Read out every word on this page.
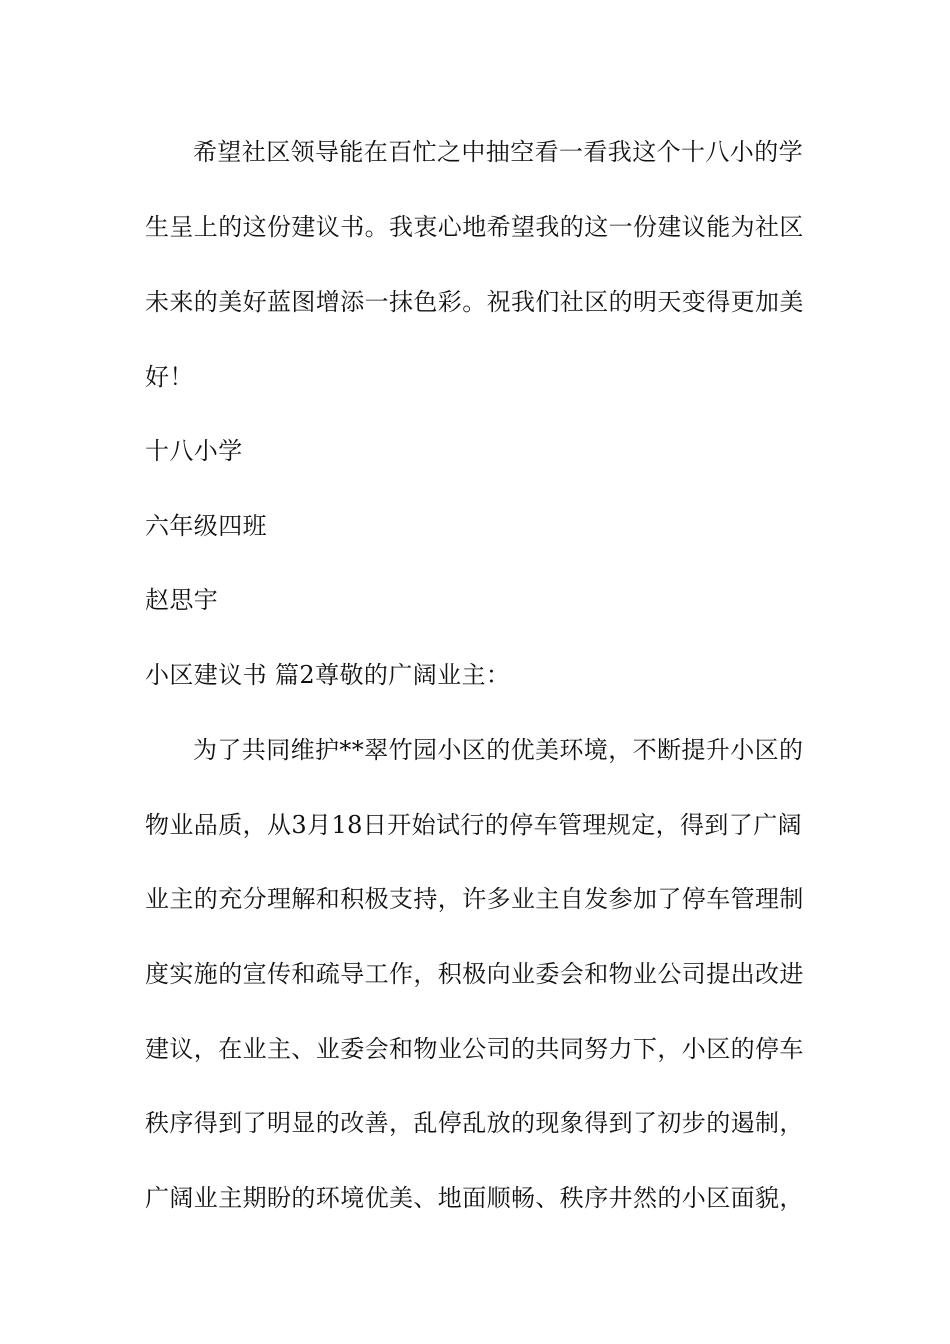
希望社区领导能在百忙之中抽空看一看我这个十八小的学
生呈上的这份建议书。我衷心地希望我的这一份建议能为社区
未来的美好蓝图增添一抹色彩。祝我们社区的明天变得更加美
好！
十八小学
六年级四班
赵思宇
小区建议书 篇2尊敬的广阔业主：
为了共同维护**翠竹园小区的优美环境，不断提升小区的
物业品质，从3月18日开始试行的停车管理规定，得到了广阔
业主的充分理解和积极支持，许多业主自发参加了停车管理制
度实施的宣传和疏导工作，积极向业委会和物业公司提出改进
建议，在业主、业委会和物业公司的共同努力下，小区的停车
秩序得到了明显的改善，乱停乱放的现象得到了初步的遏制，
广阔业主期盼的环境优美、地面顺畅、秩序井然的小区面貌，
